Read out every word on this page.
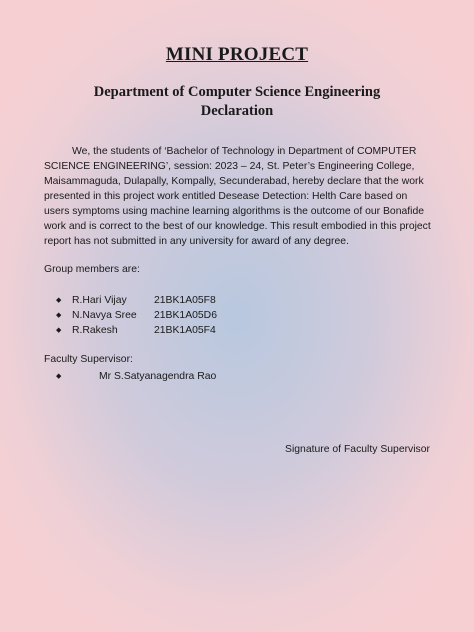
MINI PROJECT
Department of Computer Science Engineering
Declaration

We, the students of ‘Bachelor of Technology in Department of COMPUTER SCIENCE ENGINEERING’, session: 2023 – 24, St. Peter’s Engineering College, Maisammaguda, Dulapally, Kompally, Secunderabad, hereby declare that the work presented in this project work entitled Desease Detection: Helth Care based on users symptoms using machine learning algorithms is the outcome of our Bonafide work and is correct to the best of our knowledge. This result embodied in this project report has not submitted in any university for award of any degree.

Group members are:
◆	R.Hari Vijay	21BK1A05F8
◆	N.Navya Sree	21BK1A05D6
◆	R.Rakesh	21BK1A05F4
Faculty Supervisor:
◆	Mr S.Satyanagendra Rao
Signature of Faculty Supervisor
